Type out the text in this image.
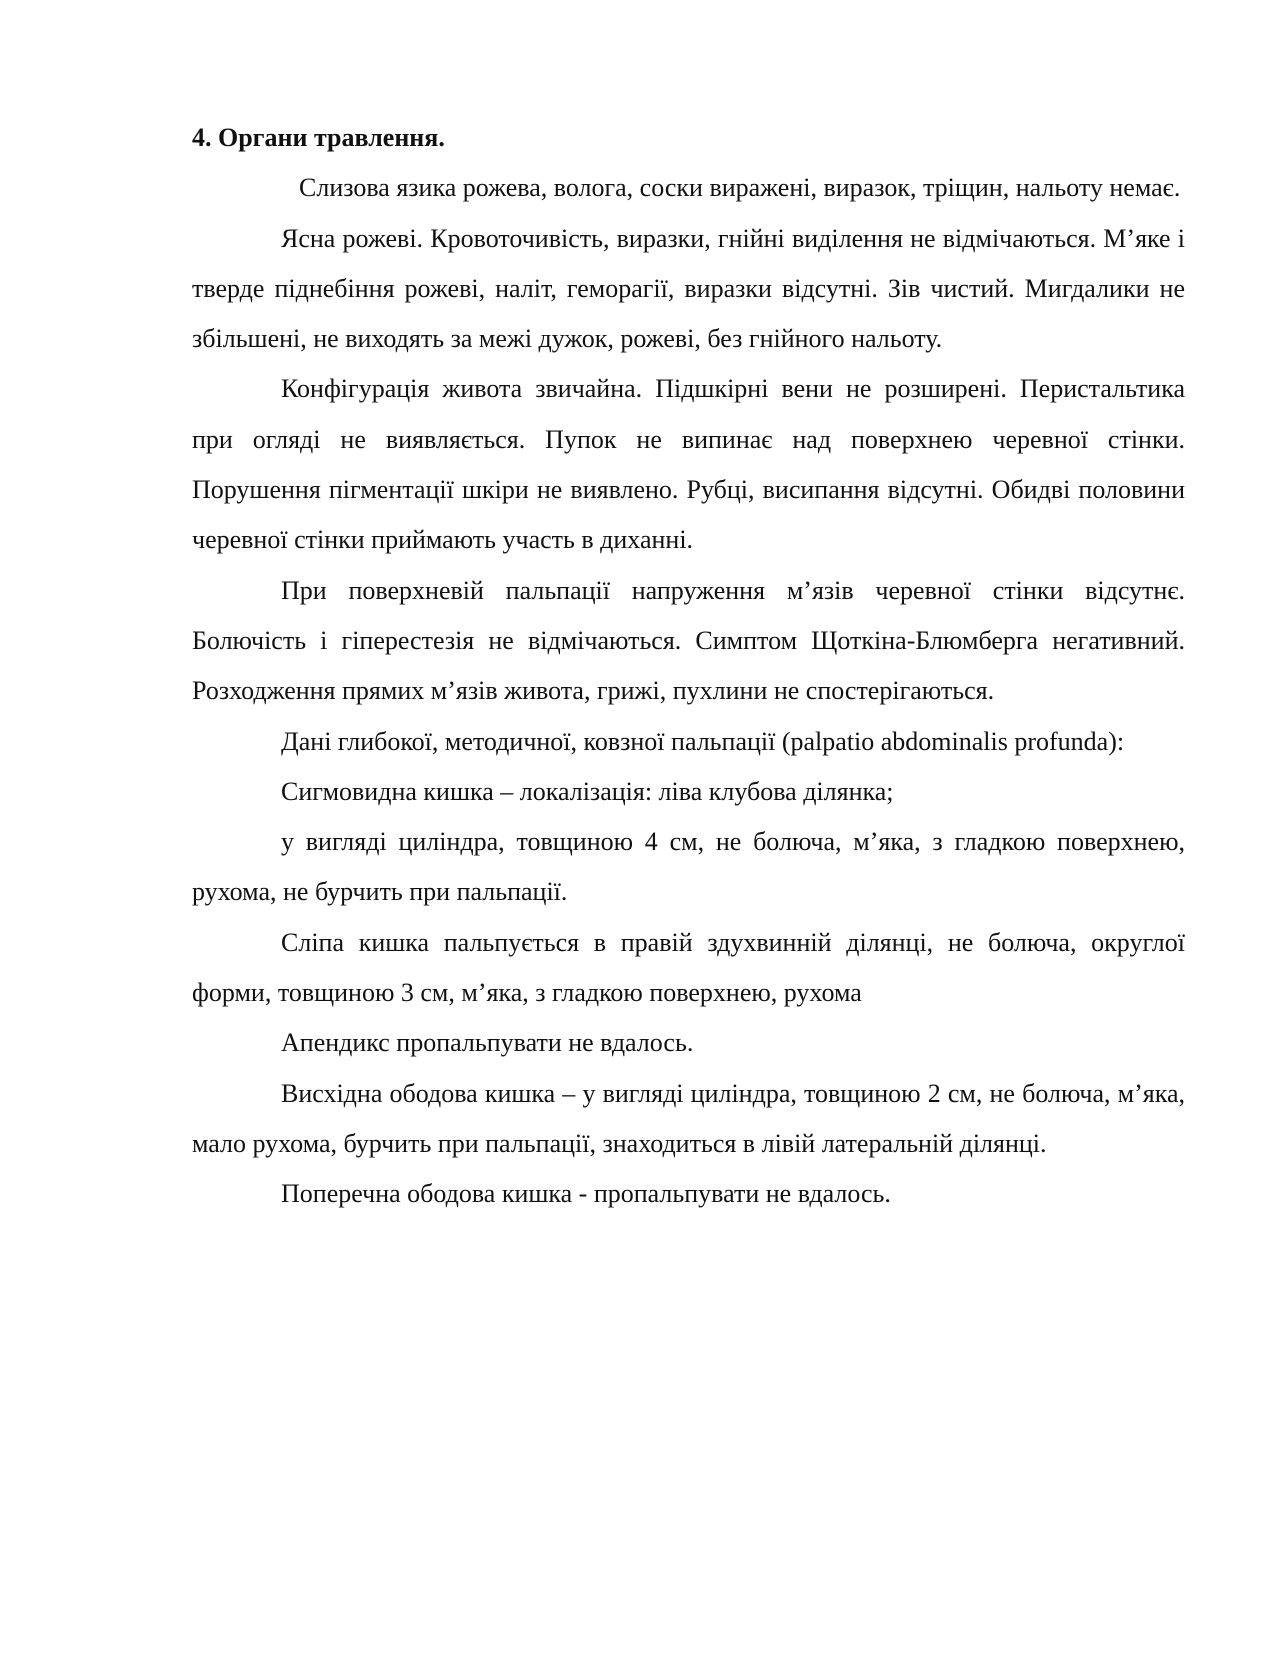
4. Органи травлення.

Слизова язика рожева, волога, соски виражені, виразок, тріщин, нальоту немає.

Ясна рожеві. Кровоточивість, виразки, гнійні виділення не відмічаються. М’яке і тверде піднебіння рожеві, наліт, геморагії, виразки відсутні. Зів чистий. Мигдалики не збільшені, не виходять за межі дужок, рожеві, без гнійного нальоту.

Конфігурація живота звичайна. Підшкірні вени не розширені. Перистальтика при огляді не виявляється. Пупок не випинає над поверхнею черевної стінки. Порушення пігментації шкіри не виявлено. Рубці, висипання відсутні. Обидві половини черевної стінки приймають участь в диханні.

При поверхневій пальпації напруження м’язів черевної стінки відсутнє. Болючість і гіперестезія не відмічаються. Симптом Щоткіна-Блюмберга негативний. Розходження прямих м’язів живота, грижі, пухлини не спостерігаються.

Дані глибокої, методичної, ковзної пальпації (palpatio abdominalis profunda):

Сигмовидна кишка – локалізація: ліва клубова ділянка;

у вигляді циліндра, товщиною 4 см, не болюча, м’яка, з гладкою поверхнею, рухома, не бурчить при пальпації.

Сліпа кишка пальпується в правій здухвинній ділянці, не болюча, округлої форми, товщиною 3 см, м’яка, з гладкою поверхнею, рухома

Апендикс пропальпувати не вдалось.

Висхідна ободова кишка – у вигляді циліндра, товщиною 2 см, не болюча, м’яка, мало рухома, бурчить при пальпації, знаходиться в лівій латеральній ділянці.

Поперечна ободова кишка - пропальпувати не вдалось.
